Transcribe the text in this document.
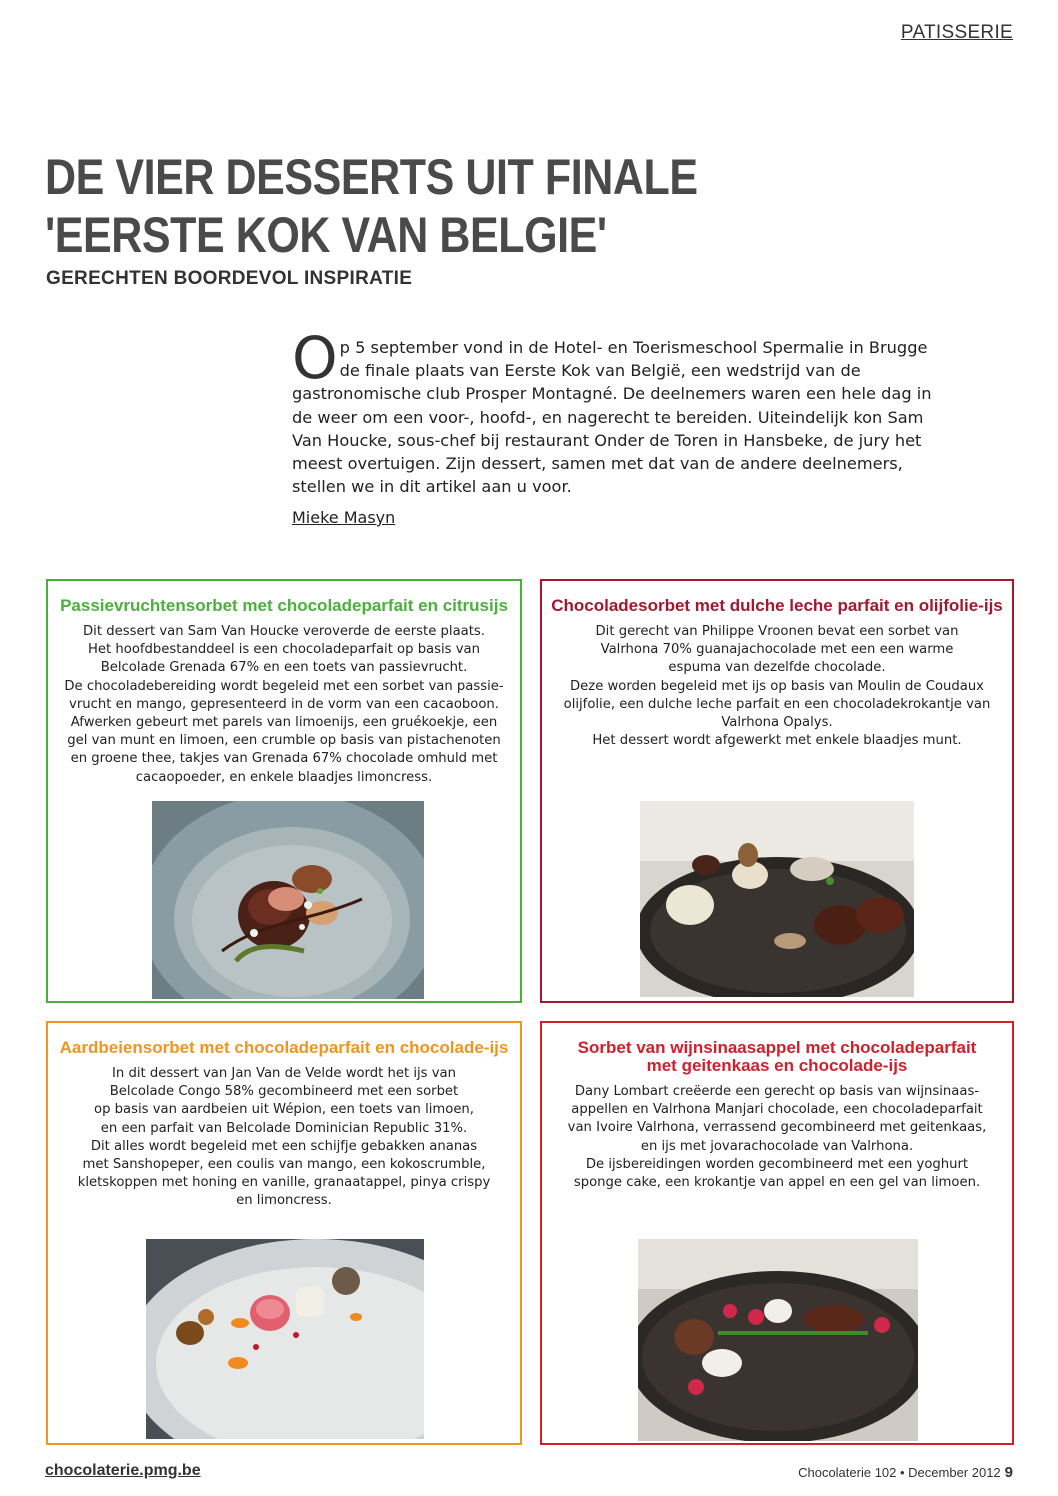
PATISSERIE
DE VIER DESSERTS UIT FINALE
'EERSTE KOK VAN BELGIE'
GERECHTEN BOORDEVOL INSPIRATIE
Op 5 september vond in de Hotel- en Toerismeschool Spermalie in Brugge de finale plaats van Eerste Kok van België, een wedstrijd van de gastronomische club Prosper Montagné. De deelnemers waren een hele dag in de weer om een voor-, hoofd-, en nagerecht te bereiden. Uiteindelijk kon Sam Van Houcke, sous-chef bij restaurant Onder de Toren in Hansbeke, de jury het meest overtuigen. Zijn dessert, samen met dat van de andere deelnemers, stellen we in dit artikel aan u voor.
Mieke Masyn
Passievruchtensorbet met chocoladeparfait en citrusijs
Dit dessert van Sam Van Houcke veroverde de eerste plaats.
Het hoofdbestanddeel is een chocoladeparfait op basis van
Belcolade Grenada 67% en een toets van passievrucht.
De chocoladebereiding wordt begeleid met een sorbet van passie-
vrucht en mango, gepresenteerd in de vorm van een cacaoboon.
Afwerken gebeurt met parels van limoenijs, een gruékoekje, een
gel van munt en limoen, een crumble op basis van pistachenoten
en groene thee, takjes van Grenada 67% chocolade omhuld met
cacaopoeder, en enkele blaadjes limoncress.
Chocoladesorbet met dulche leche parfait en olijfolie-ijs
Dit gerecht van Philippe Vroonen bevat een sorbet van
Valrhona 70% guanajachocolade met een een warme
espuma van dezelfde chocolade.
Deze worden begeleid met ijs op basis van Moulin de Coudaux
olijfolie, een dulche leche parfait en een chocoladekrokantje van
Valrhona Opalys.
Het dessert wordt afgewerkt met enkele blaadjes munt.
Aardbeiensorbet met chocoladeparfait en chocolade-ijs
In dit dessert van Jan Van de Velde wordt het ijs van
Belcolade Congo 58% gecombineerd met een sorbet
op basis van aardbeien uit Wépion, een toets van limoen,
en een parfait van Belcolade Dominician Republic 31%.
Dit alles wordt begeleid met een schijfje gebakken ananas
met Sanshopeper, een coulis van mango, een kokoscrumble,
kletskoppen met honing en vanille, granaatappel, pinya crispy
en limoncress.
Sorbet van wijnsinaasappel met chocoladeparfait met geitenkaas en chocolade-ijs
Dany Lombart creëerde een gerecht op basis van wijnsinaas-
appellen en Valrhona Manjari chocolade, een chocoladeparfait
van Ivoire Valrhona, verrassend gecombineerd met geitenkaas,
en ijs met jovarachocolade van Valrhona.
De ijsbereidingen worden gecombineerd met een yoghurt
sponge cake, een krokantje van appel en een gel van limoen.
chocolaterie.pmg.be	Chocolaterie 102 • December 2012 9
